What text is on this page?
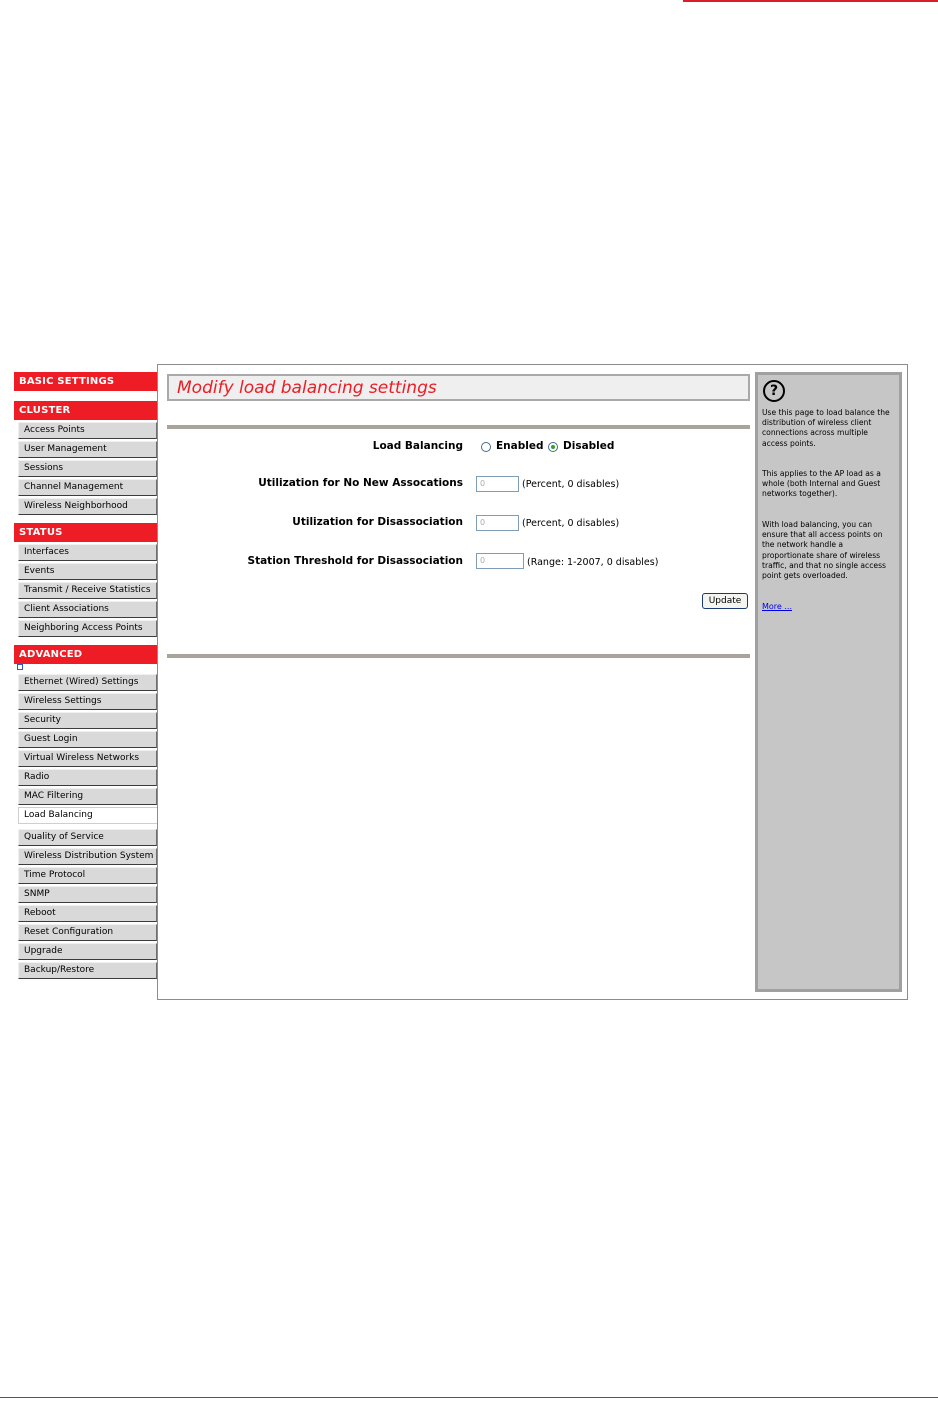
BASIC SETTINGS
CLUSTER
Access Points
User Management
Sessions
Channel Management
Wireless Neighborhood
STATUS
Interfaces
Events
Transmit / Receive Statistics
Client Associations
Neighboring Access Points
ADVANCED
Ethernet (Wired) Settings
Wireless Settings
Security
Guest Login
Virtual Wireless Networks
Radio
MAC Filtering
Load Balancing
Quality of Service
Wireless Distribution System
Time Protocol
SNMP
Reboot
Reset Configuration
Upgrade
Backup/Restore
Modify load balancing settings
Load Balancing	Enabled Disabled
Utilization for No New Assocations	0	(Percent, 0 disables)
Utilization for Disassociation	0	(Percent, 0 disables)
Station Threshold for Disassociation	0	(Range: 1-2007, 0 disables)
Update
?

Use this page to load balance the distribution of wireless client connections across multiple access points.

This applies to the AP load as a whole (both Internal and Guest networks together).

With load balancing, you can ensure that all access points on the network handle a proportionate share of wireless traffic, and that no single access point gets overloaded.

More ...
